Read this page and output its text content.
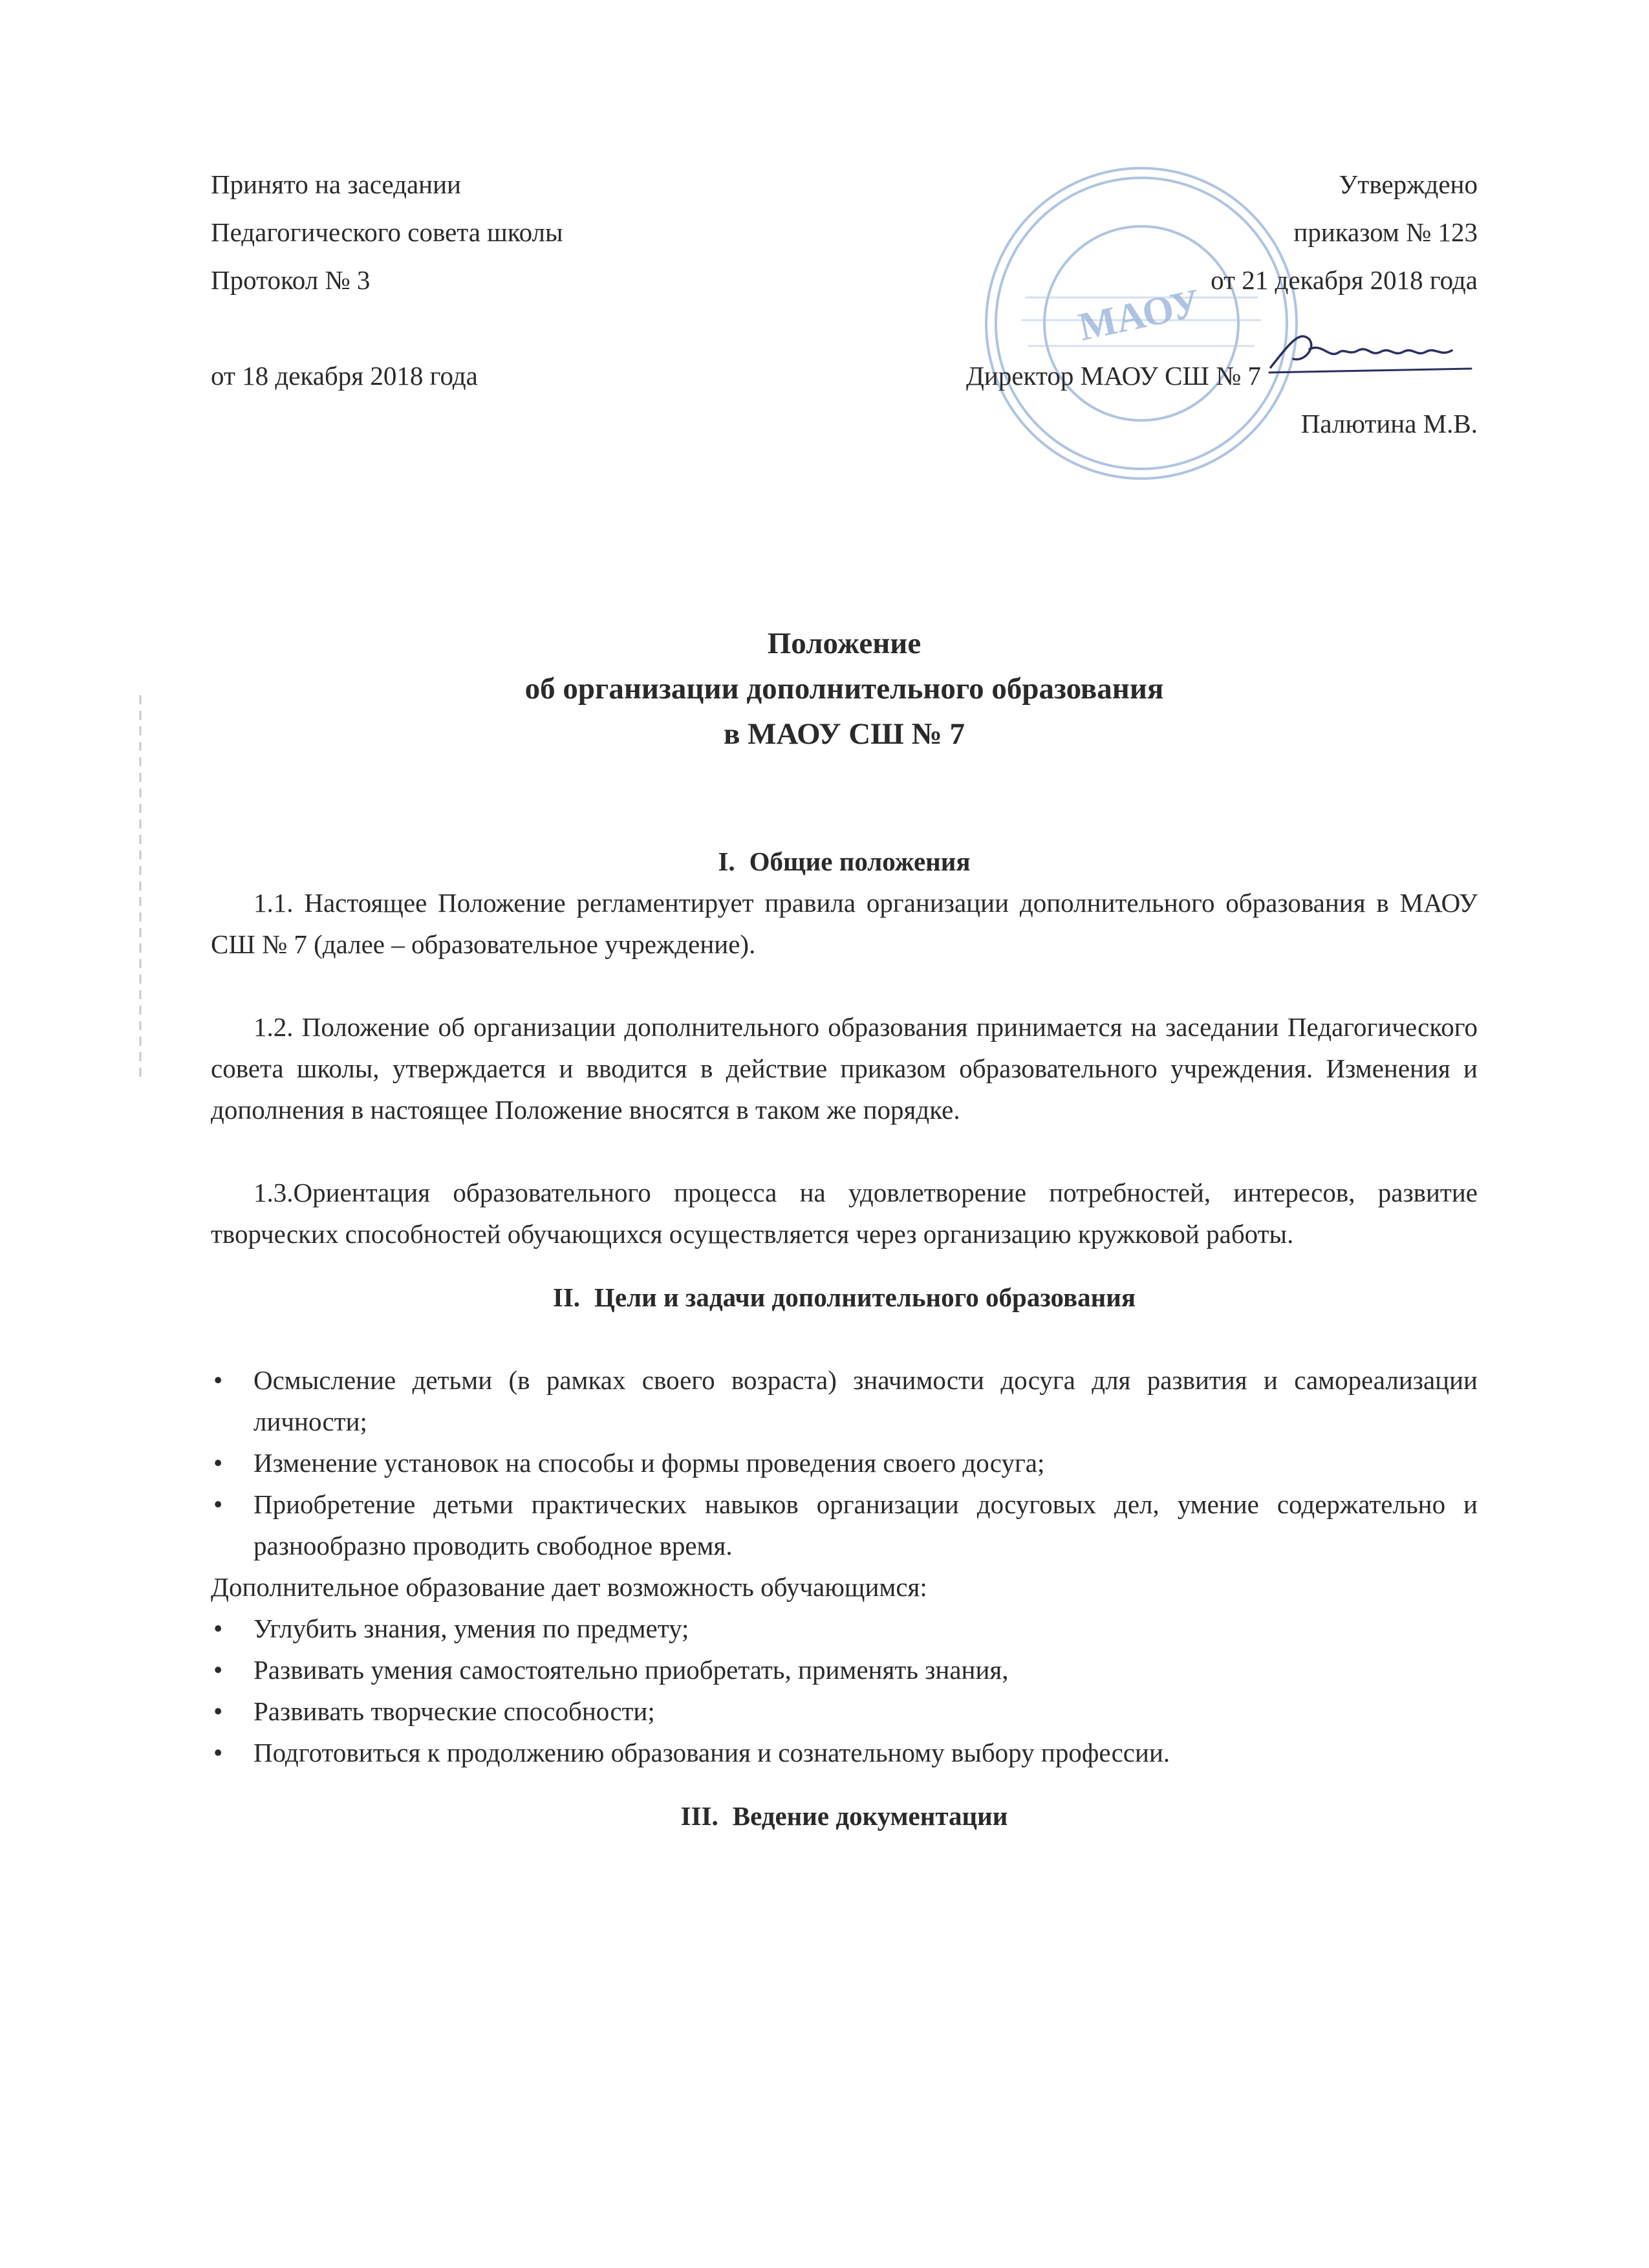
Принято на заседании
Педагогического совета школы
Протокол № 3
от 18 декабря 2018 года
МАОУ
Утверждено
приказом № 123
от 21 декабря 2018 года
Директор МАОУ СШ № 7
Палютина М.В.
Положение
об организации дополнительного образования
в МАОУ СШ № 7
I. Общие положения

1.1. Настоящее Положение регламентирует правила организации дополнительного образования в МАОУ СШ № 7 (далее – образовательное учреждение).

1.2. Положение об организации дополнительного образования принимается на заседании Педагогического совета школы, утверждается и вводится в действие приказом образовательного учреждения. Изменения и дополнения в настоящее Положение вносятся в таком же порядке.

1.3.Ориентация образовательного процесса на удовлетворение потребностей, интересов, развитие творческих способностей обучающихся осуществляется через организацию кружковой работы.

II. Цели и задачи дополнительного образования
•	Осмысление детьми (в рамках своего возраста) значимости досуга для развития и самореализации личности;
•	Изменение установок на способы и формы проведения своего досуга;
•	Приобретение детьми практических навыков организации досуговых дел, умение содержательно и разнообразно проводить свободное время.

Дополнительное образование дает возможность обучающимся:

•	Углубить знания, умения по предмету;
•	Развивать умения самостоятельно приобретать, применять знания,
•	Развивать творческие способности;
•	Подготовиться к продолжению образования и сознательному выбору профессии.
III. Ведение документации
